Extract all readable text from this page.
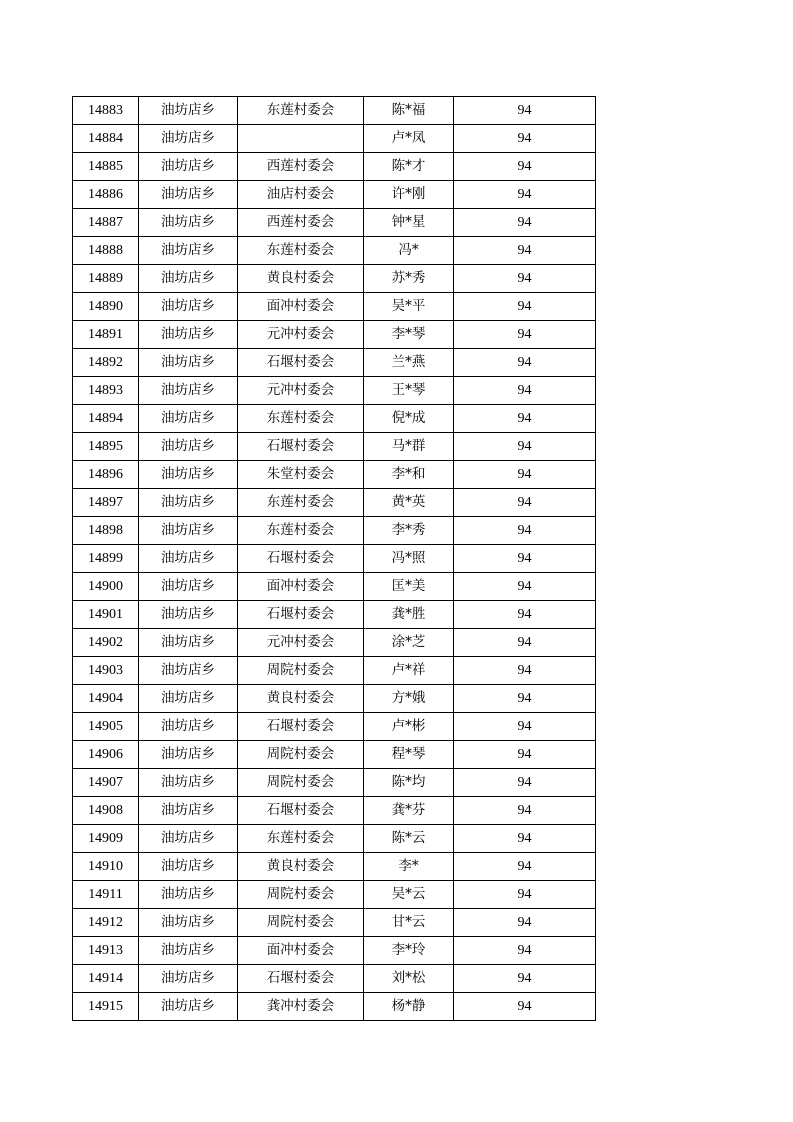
14883	油坊店乡	东莲村委会	陈*福	94
14884	油坊店乡		卢*凤	94
14885	油坊店乡	西莲村委会	陈*才	94
14886	油坊店乡	油店村委会	许*刚	94
14887	油坊店乡	西莲村委会	钟*星	94
14888	油坊店乡	东莲村委会	冯*	94
14889	油坊店乡	黄良村委会	苏*秀	94
14890	油坊店乡	面冲村委会	吴*平	94
14891	油坊店乡	元冲村委会	李*琴	94
14892	油坊店乡	石堰村委会	兰*燕	94
14893	油坊店乡	元冲村委会	王*琴	94
14894	油坊店乡	东莲村委会	倪*成	94
14895	油坊店乡	石堰村委会	马*群	94
14896	油坊店乡	朱堂村委会	李*和	94
14897	油坊店乡	东莲村委会	黄*英	94
14898	油坊店乡	东莲村委会	李*秀	94
14899	油坊店乡	石堰村委会	冯*照	94
14900	油坊店乡	面冲村委会	匡*美	94
14901	油坊店乡	石堰村委会	龚*胜	94
14902	油坊店乡	元冲村委会	涂*芝	94
14903	油坊店乡	周院村委会	卢*祥	94
14904	油坊店乡	黄良村委会	方*娥	94
14905	油坊店乡	石堰村委会	卢*彬	94
14906	油坊店乡	周院村委会	程*琴	94
14907	油坊店乡	周院村委会	陈*均	94
14908	油坊店乡	石堰村委会	龚*芬	94
14909	油坊店乡	东莲村委会	陈*云	94
14910	油坊店乡	黄良村委会	李*	94
14911	油坊店乡	周院村委会	吴*云	94
14912	油坊店乡	周院村委会	甘*云	94
14913	油坊店乡	面冲村委会	李*玲	94
14914	油坊店乡	石堰村委会	刘*松	94
14915	油坊店乡	龚冲村委会	杨*静	94
